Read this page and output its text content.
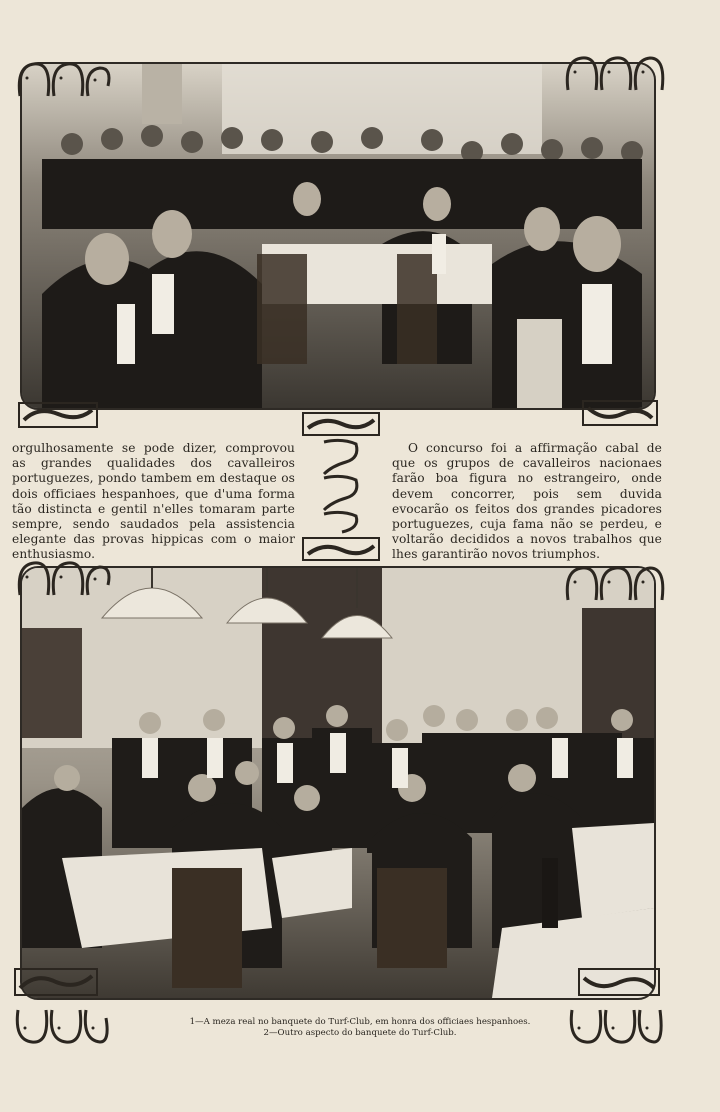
orgulhosamente se pode dizer, comprovou as grandes qualidades dos cavalleiros portuguezes, pondo tambem em destaque os dois officiaes hespanhoes, que d'uma forma tão distincta e gentil n'elles tomaram parte sempre, sendo saudados pela assistencia elegante das provas hippicas com o maior enthusiasmo.
O concurso foi a affirmação cabal de que os grupos de cavalleiros nacionaes farão boa figura no estrangeiro, onde devem concorrer, pois sem duvida evocarão os feitos dos grandes picadores portuguezes, cuja fama não se perdeu, e voltarão decididos a novos trabalhos que lhes garantirão novos triumphos.
1—A meza real no banquete do Turf-Club, em honra dos officiaes hespanhoes.
2—Outro aspecto do banquete do Turf-Club.
